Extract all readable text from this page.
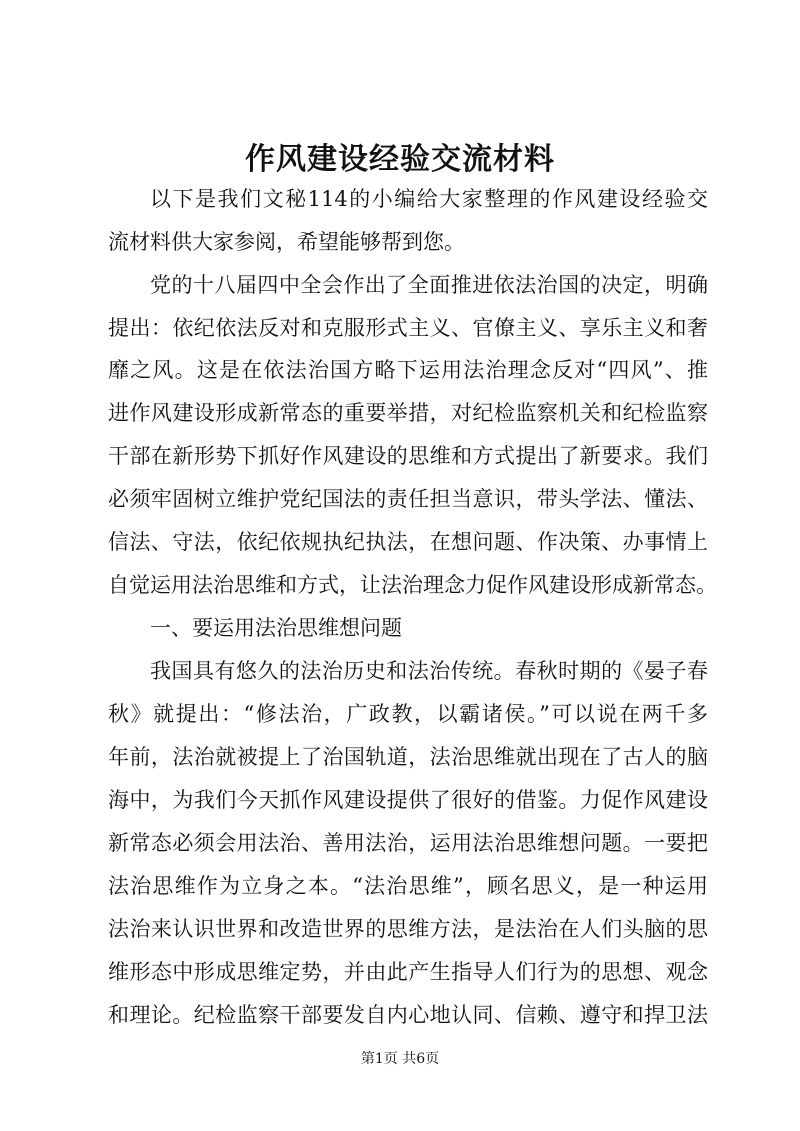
作风建设经验交流材料
以下是我们文秘114的小编给大家整理的作风建设经验交
流材料供大家参阅，希望能够帮到您。
党的十八届四中全会作出了全面推进依法治国的决定，明确
提出：依纪依法反对和克服形式主义、官僚主义、享乐主义和奢
靡之风。这是在依法治国方略下运用法治理念反对“四风”、推
进作风建设形成新常态的重要举措，对纪检监察机关和纪检监察
干部在新形势下抓好作风建设的思维和方式提出了新要求。我们
必须牢固树立维护党纪国法的责任担当意识，带头学法、懂法、
信法、守法，依纪依规执纪执法，在想问题、作决策、办事情上
自觉运用法治思维和方式，让法治理念力促作风建设形成新常态。
一、要运用法治思维想问题
我国具有悠久的法治历史和法治传统。春秋时期的《晏子春
秋》就提出：“修法治，广政教，以霸诸侯。”可以说在两千多
年前，法治就被提上了治国轨道，法治思维就出现在了古人的脑
海中，为我们今天抓作风建设提供了很好的借鉴。力促作风建设
新常态必须会用法治、善用法治，运用法治思维想问题。一要把
法治思维作为立身之本。“法治思维”，顾名思义，是一种运用
法治来认识世界和改造世界的思维方法，是法治在人们头脑的思
维形态中形成思维定势，并由此产生指导人们行为的思想、观念
和理论。纪检监察干部要发自内心地认同、信赖、遵守和捍卫法
第1页 共6页
